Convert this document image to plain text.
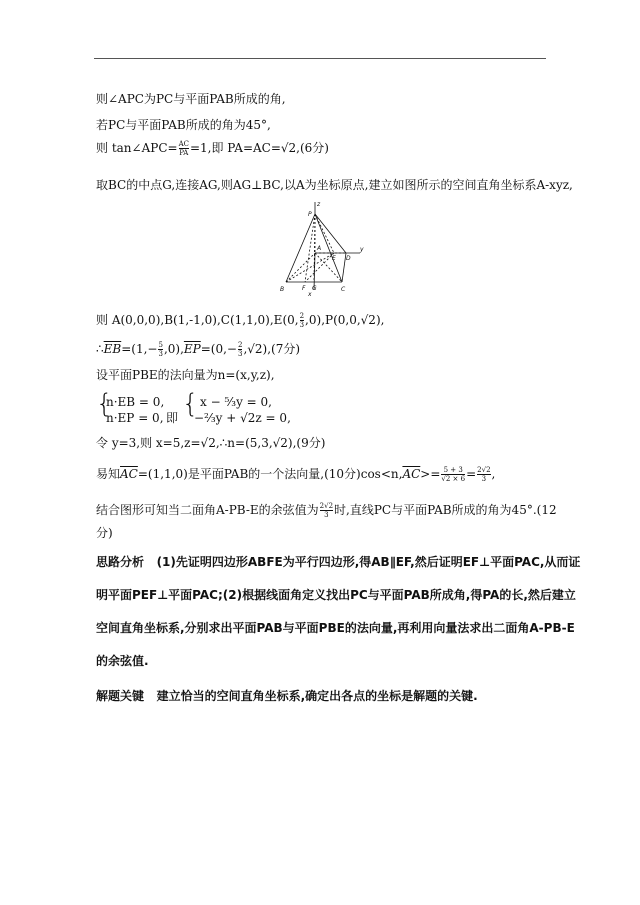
则∠APC为PC与平面PAB所成的角,
若PC与平面PAB所成的角为45°,
则 tan∠APC= $\frac{AC}{PA} =1$,即 PA=AC=√2,(6分)
取BC的中点G,连接AG,则AG⊥BC,以A为坐标原点,建立如图所示的空间直角坐标系A-xyz,
P
z
A
E D
y
B	F G	C
x
则 A(0,0,0),B(1,-1,0),C(1,1,0),E(0, $\frac{2}{3} ,0),P(0,0,√2)$,
$\therefore\overline{EB}=(1,- \frac{5}{3} ,0),\overline{EP}=(0,- \frac{2}{3} ,√2),(7$分)
设平面PBE的法向量为n=(x,y,z),
{
n·EB = 0,
n·EP = 0, 即 { x − ⁵⁄₃y = 0,
−²⁄₃y + √2z = 0,
令 y=3,则 x=5,z=√2,∴n=(5,3,√2),(9分)
易知$\overline{AC}=(1,1,0)$是平面PAB的一个法向量,(10分)$\cos<n,\overline{AC}>= \frac{5 + 3}{√2 \times 6} = \frac{2√2}{3}$ ,
结合图形可知当二面角A-PB-E的余弦值为 $\frac{2√2}{3}$ 时,直线PC与平面PAB所成的角为45°.(12
分)
思路分析 (1)先证明四边形ABFE为平行四边形,得AB∥EF,然后证明EF⊥平面PAC,从而证
明平面PEF⊥平面PAC;(2)根据线面角定义找出PC与平面PAB所成角,得PA的长,然后建立
空间直角坐标系,分别求出平面PAB与平面PBE的法向量,再利用向量法求出二面角A-PB-E
的余弦值.
解题关键 建立恰当的空间直角坐标系,确定出各点的坐标是解题的关键.
